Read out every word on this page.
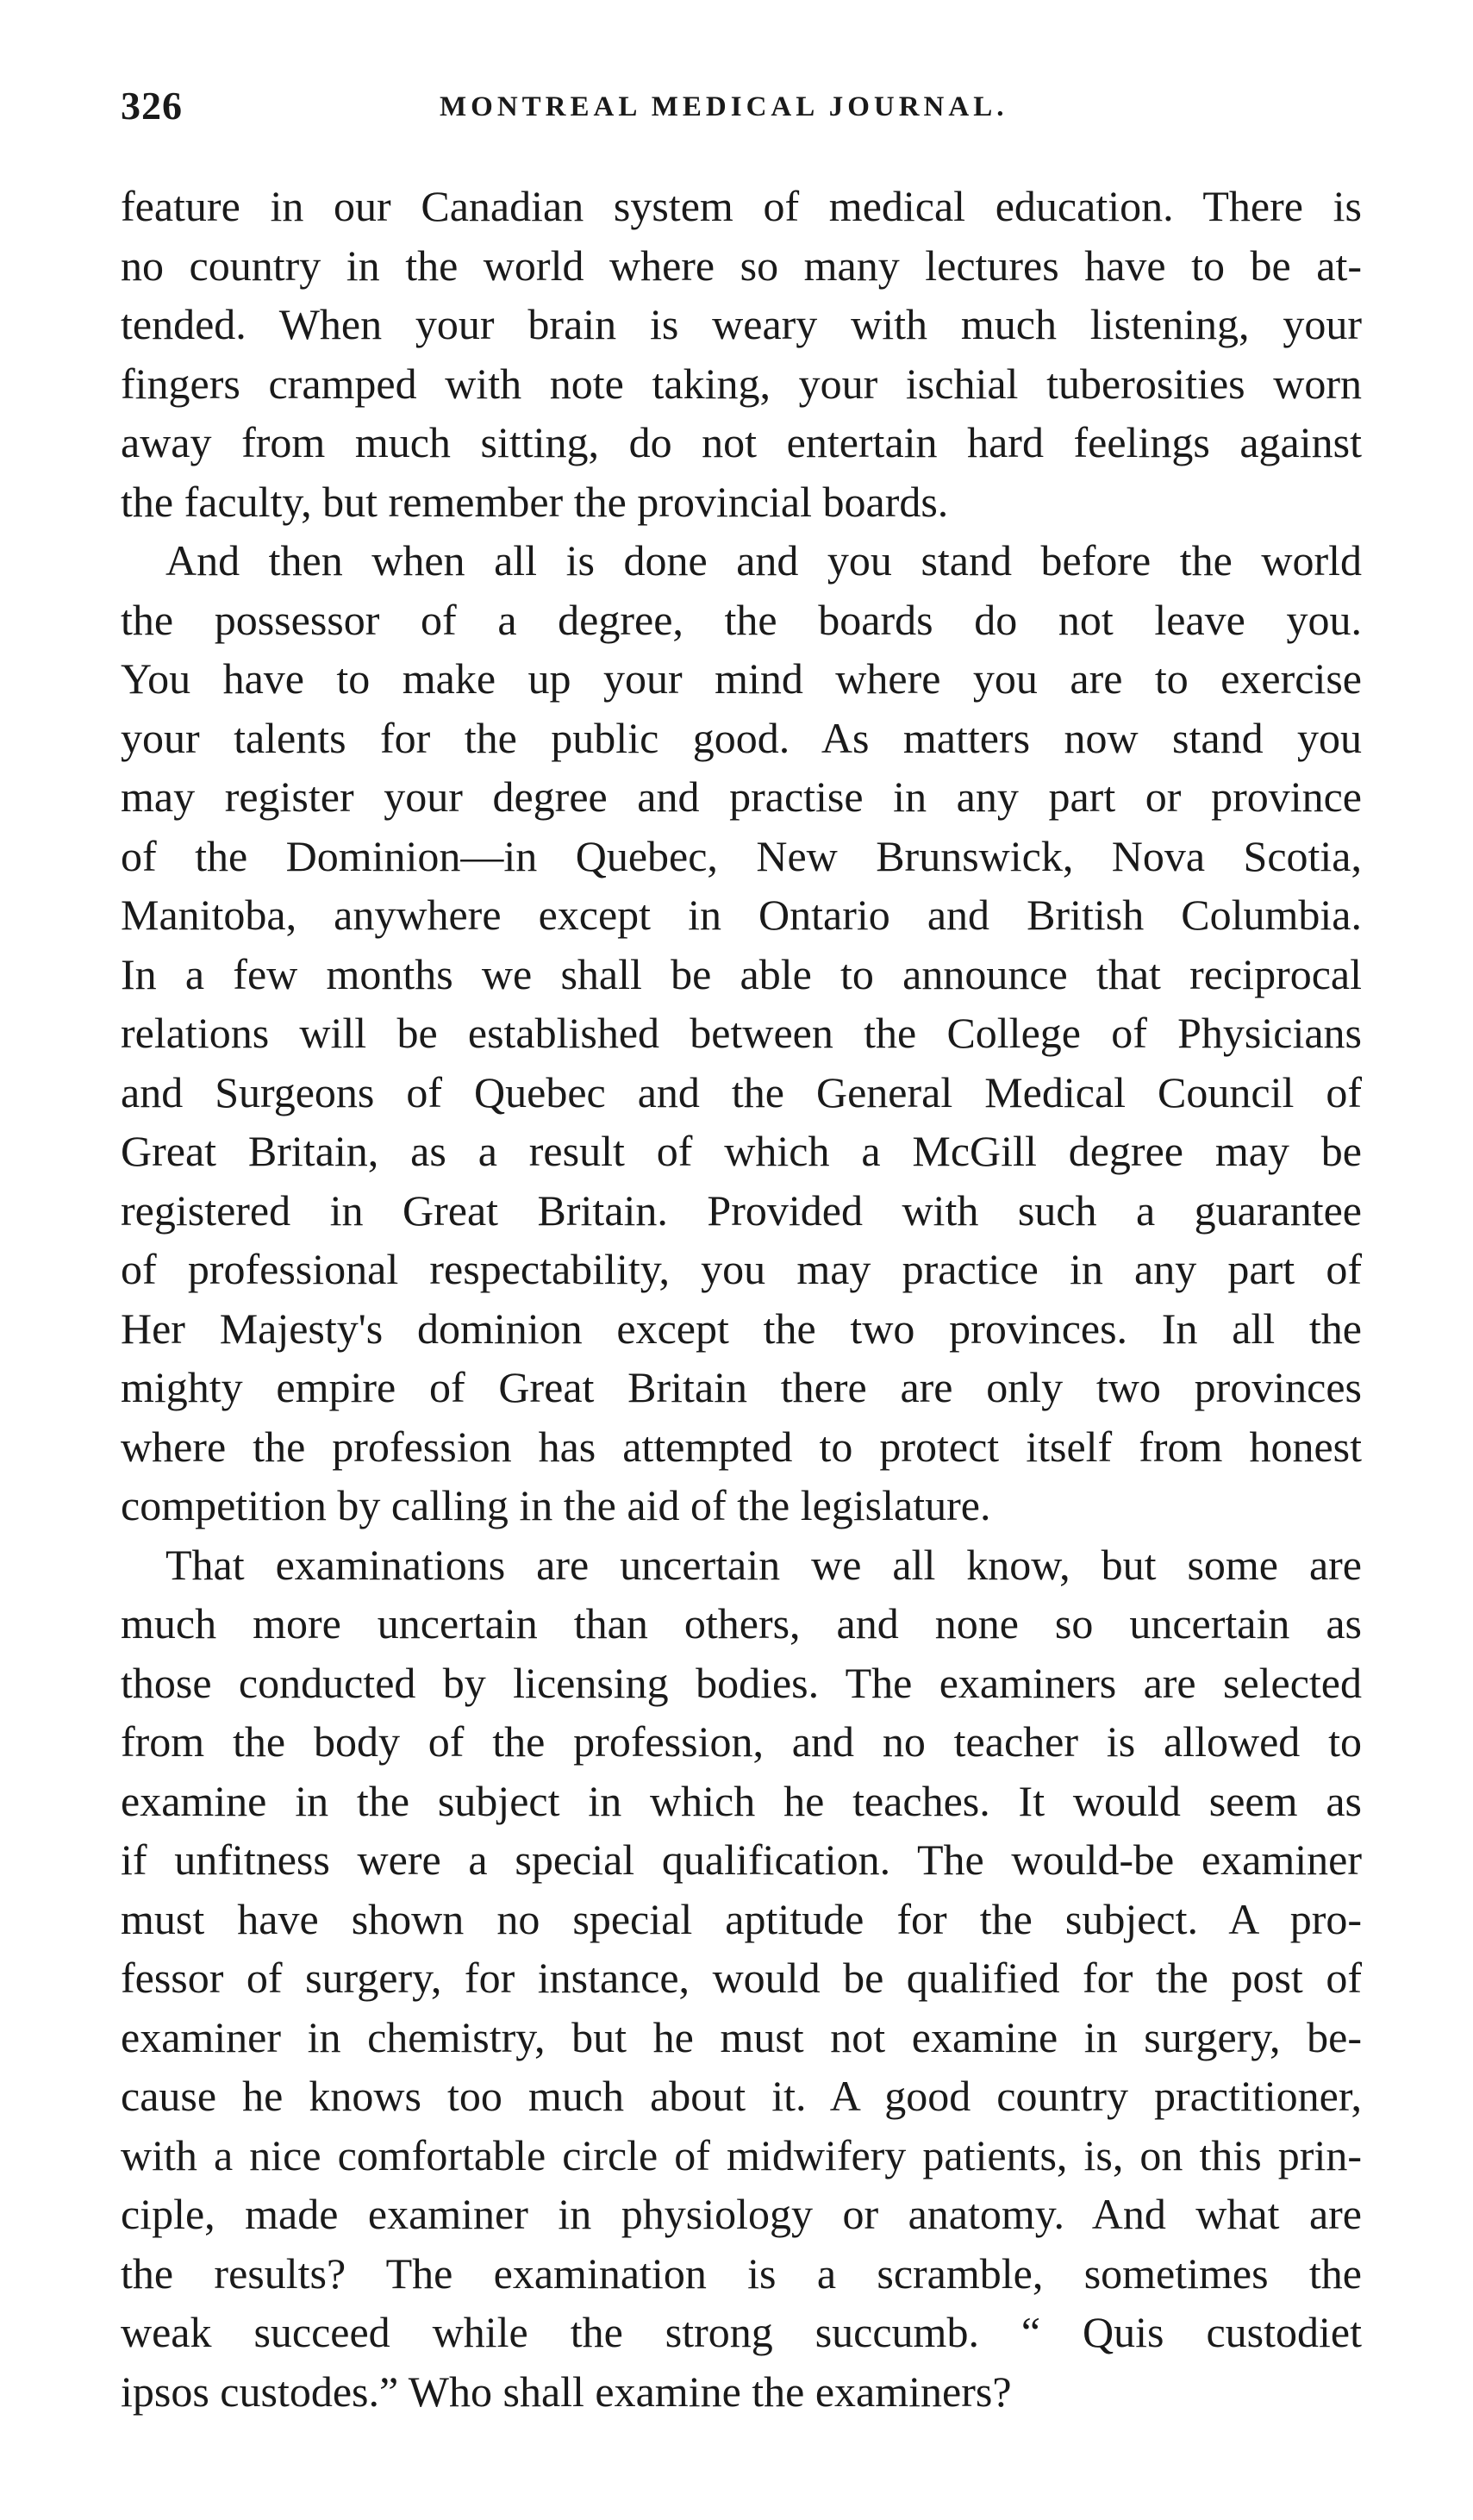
326	MONTREAL MEDICAL JOURNAL.
feature in our Canadian system of medical education. There is
no country in the world where so many lectures have to be at-
tended. When your brain is weary with much listening, your
fingers cramped with note taking, your ischial tuberosities worn
away from much sitting, do not entertain hard feelings against
the faculty, but remember the provincial boards.
And then when all is done and you stand before the world
the possessor of a degree, the boards do not leave you.
You have to make up your mind where you are to exercise
your talents for the public good. As matters now stand you
may register your degree and practise in any part or province
of the Dominion—in Quebec, New Brunswick, Nova Scotia,
Manitoba, anywhere except in Ontario and British Columbia.
In a few months we shall be able to announce that reciprocal
relations will be established between the College of Physicians
and Surgeons of Quebec and the General Medical Council of
Great Britain, as a result of which a McGill degree may be
registered in Great Britain. Provided with such a guarantee
of professional respectability, you may practice in any part of
Her Majesty's dominion except the two provinces. In all the
mighty empire of Great Britain there are only two provinces
where the profession has attempted to protect itself from honest
competition by calling in the aid of the legislature.
That examinations are uncertain we all know, but some are
much more uncertain than others, and none so uncertain as
those conducted by licensing bodies. The examiners are selected
from the body of the profession, and no teacher is allowed to
examine in the subject in which he teaches. It would seem as
if unfitness were a special qualification. The would-be examiner
must have shown no special aptitude for the subject. A pro-
fessor of surgery, for instance, would be qualified for the post of
examiner in chemistry, but he must not examine in surgery, be-
cause he knows too much about it. A good country practitioner,
with a nice comfortable circle of midwifery patients, is, on this prin-
ciple, made examiner in physiology or anatomy. And what are
the results? The examination is a scramble, sometimes the
weak succeed while the strong succumb. “ Quis custodiet
ipsos custodes.” Who shall examine the examiners?
